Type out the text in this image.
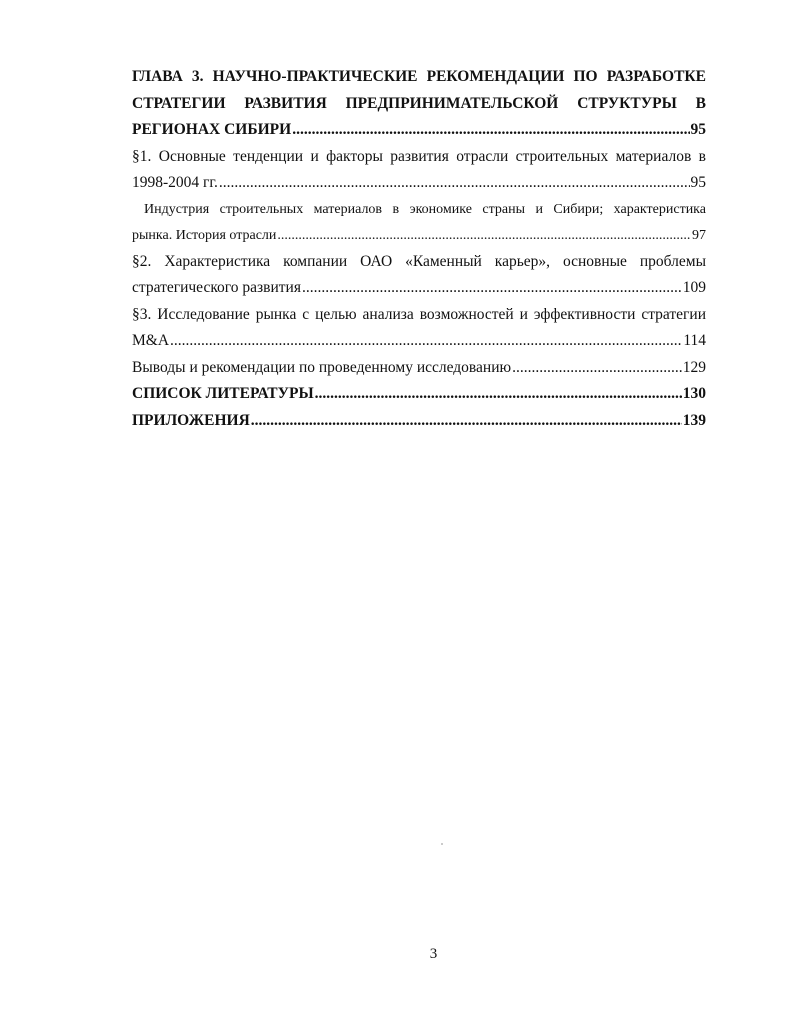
ГЛАВА 3. НАУЧНО-ПРАКТИЧЕСКИЕ РЕКОМЕНДАЦИИ ПО РАЗРАБОТКЕ
СТРАТЕГИИ РАЗВИТИЯ ПРЕДПРИНИМАТЕЛЬСКОЙ СТРУКТУРЫ В
РЕГИОНАХ СИБИРИ .....	95
§1. Основные тенденции и факторы развития отрасли строительных материалов в
1998-2004 гг. .....	95
Индустрия строительных материалов в экономике страны и Сибири; характеристика
рынка. История отрасли .....	97
§2. Характеристика компании ОАО «Каменный карьер», основные проблемы
стратегического развития .....	109
§3. Исследование рынка с целью анализа возможностей и эффективности стратегии
M&A .....	114
Выводы и рекомендации по проведенному исследованию .....	129
СПИСОК ЛИТЕРАТУРЫ .....	130
ПРИЛОЖЕНИЯ .....	139
3
